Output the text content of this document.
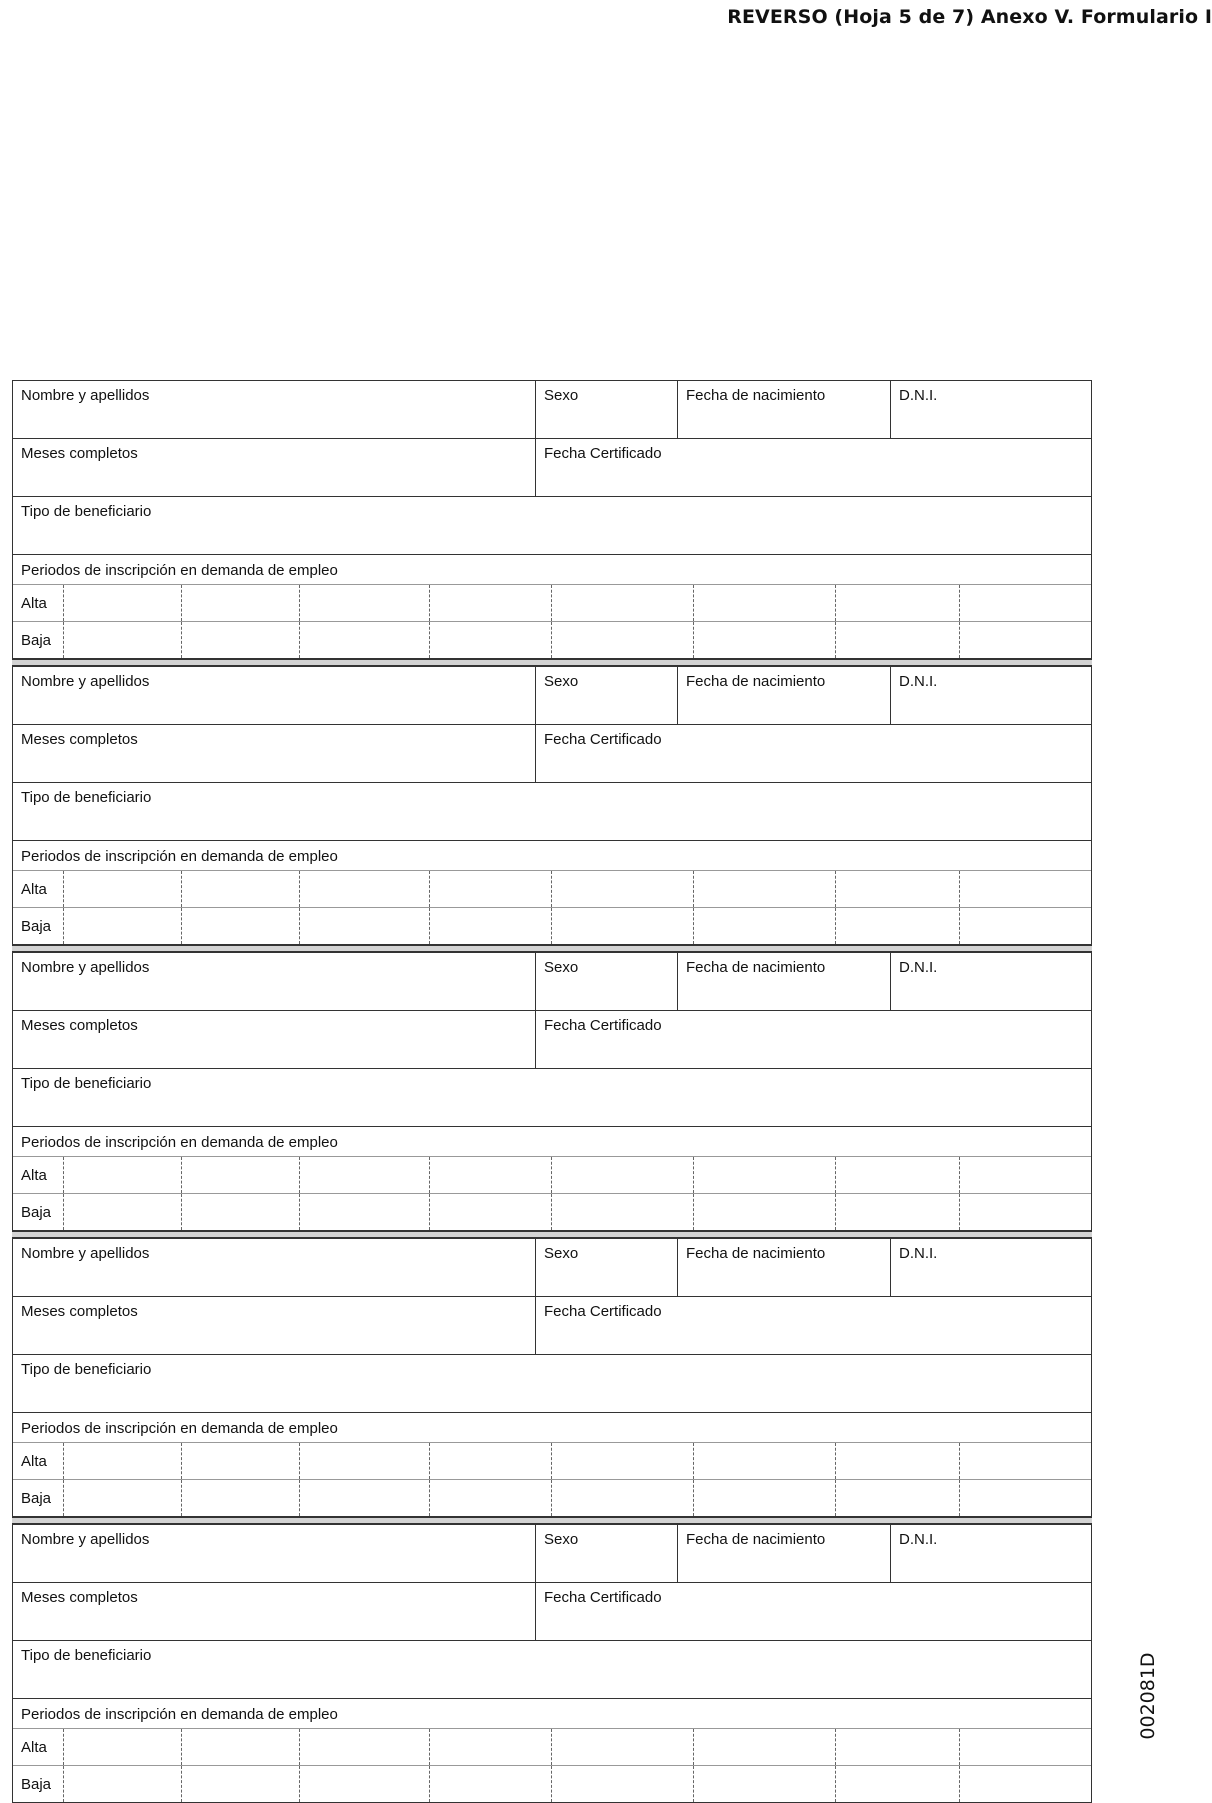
REVERSO (Hoja 5 de 7) Anexo V. Formulario I
Nombre y apellidos	Sexo	Fecha de nacimiento	D.N.I.
Meses completos	Fecha Certificado
Tipo de beneficiario
Periodos de inscripción en demanda de empleo
Alta
Baja
Nombre y apellidos	Sexo	Fecha de nacimiento	D.N.I.
Meses completos	Fecha Certificado
Tipo de beneficiario
Periodos de inscripción en demanda de empleo
Alta
Baja
Nombre y apellidos	Sexo	Fecha de nacimiento	D.N.I.
Meses completos	Fecha Certificado
Tipo de beneficiario
Periodos de inscripción en demanda de empleo
Alta
Baja
Nombre y apellidos	Sexo	Fecha de nacimiento	D.N.I.
Meses completos	Fecha Certificado
Tipo de beneficiario
Periodos de inscripción en demanda de empleo
Alta
Baja
Nombre y apellidos	Sexo	Fecha de nacimiento	D.N.I.
Meses completos	Fecha Certificado
Tipo de beneficiario
Periodos de inscripción en demanda de empleo
Alta
Baja
002081D
